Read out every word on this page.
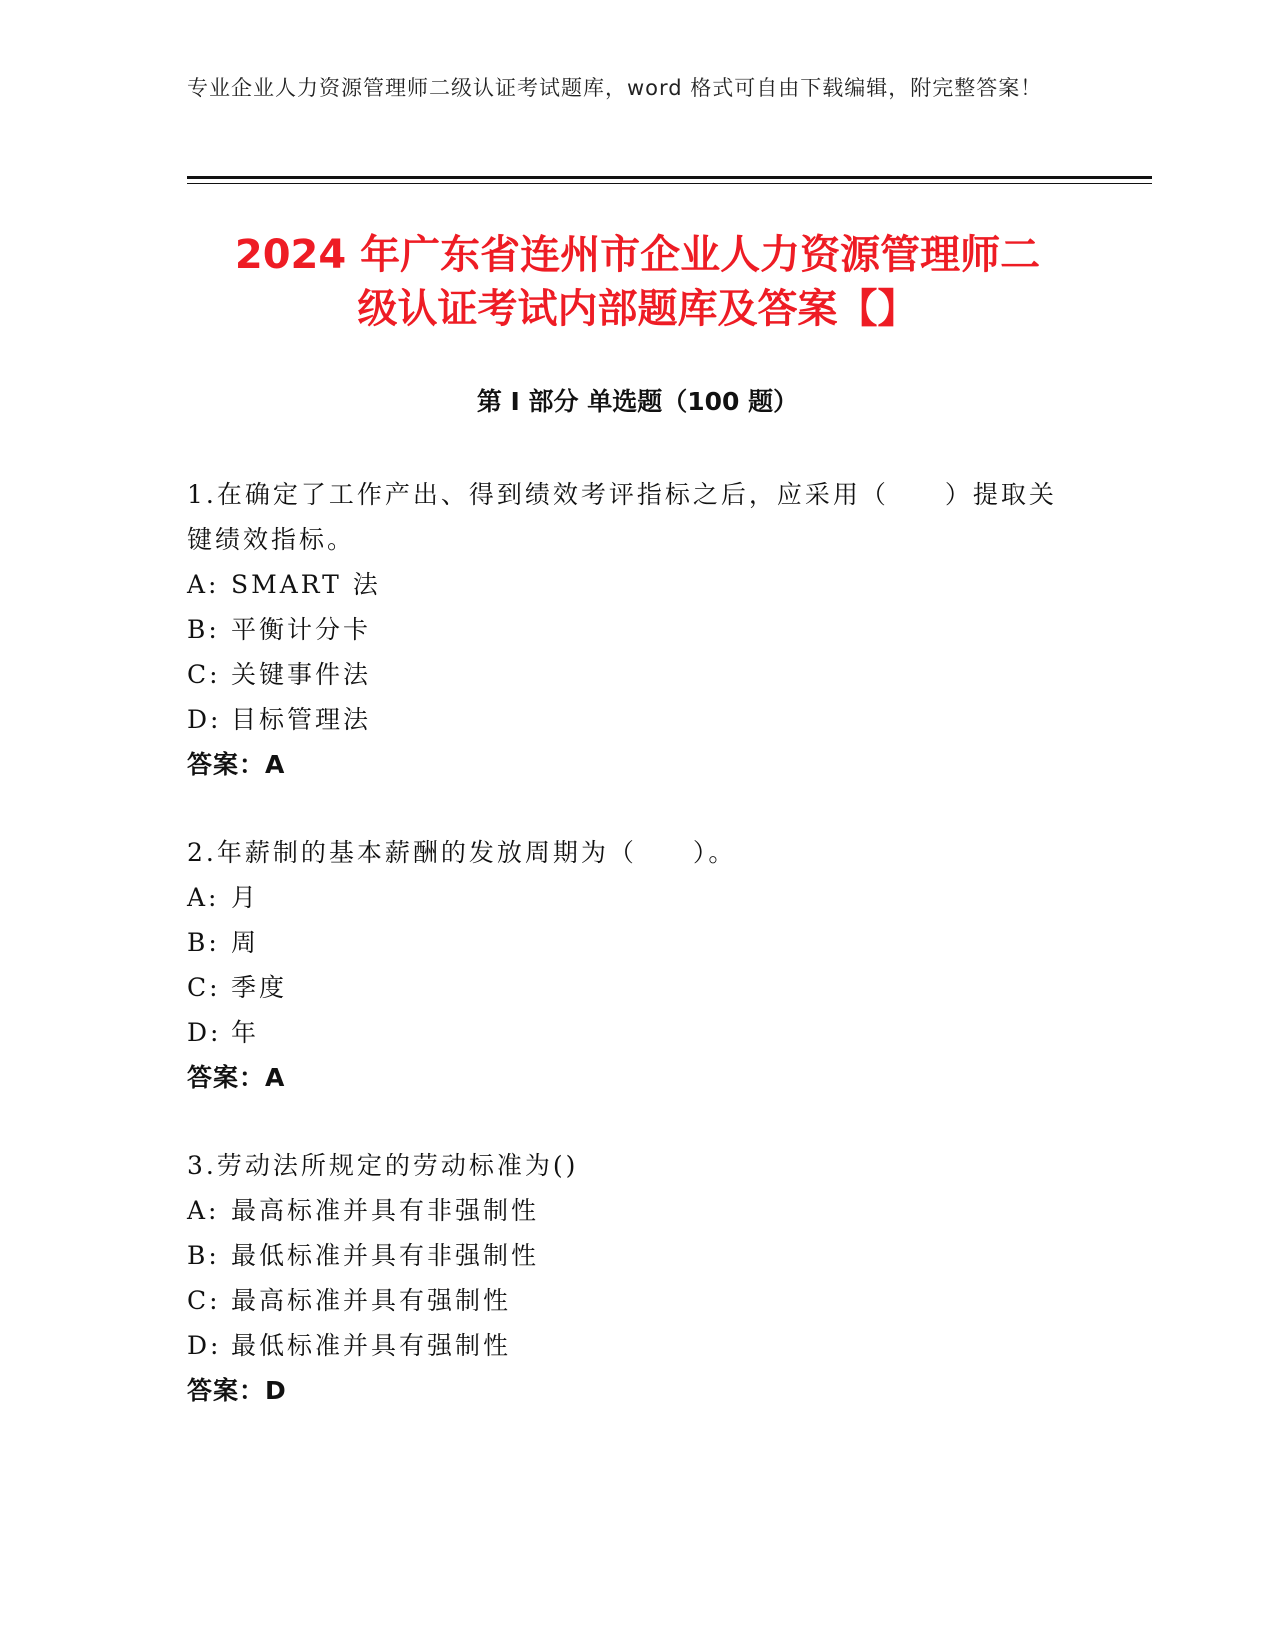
专业企业人力资源管理师二级认证考试题库，word 格式可自由下载编辑，附完整答案！
2024 年广东省连州市企业人力资源管理师二
级认证考试内部题库及答案【】
第 I 部分 单选题（100 题）
1.在确定了工作产出、得到绩效考评指标之后，应采用（　　）提取关键绩效指标。
A: SMART 法
B: 平衡计分卡
C: 关键事件法
D: 目标管理法
答案：A
2.年薪制的基本薪酬的发放周期为（　　）。
A: 月
B: 周
C: 季度
D: 年
答案：A
3.劳动法所规定的劳动标准为()
A: 最高标准并具有非强制性
B: 最低标准并具有非强制性
C: 最高标准并具有强制性
D: 最低标准并具有强制性
答案：D
